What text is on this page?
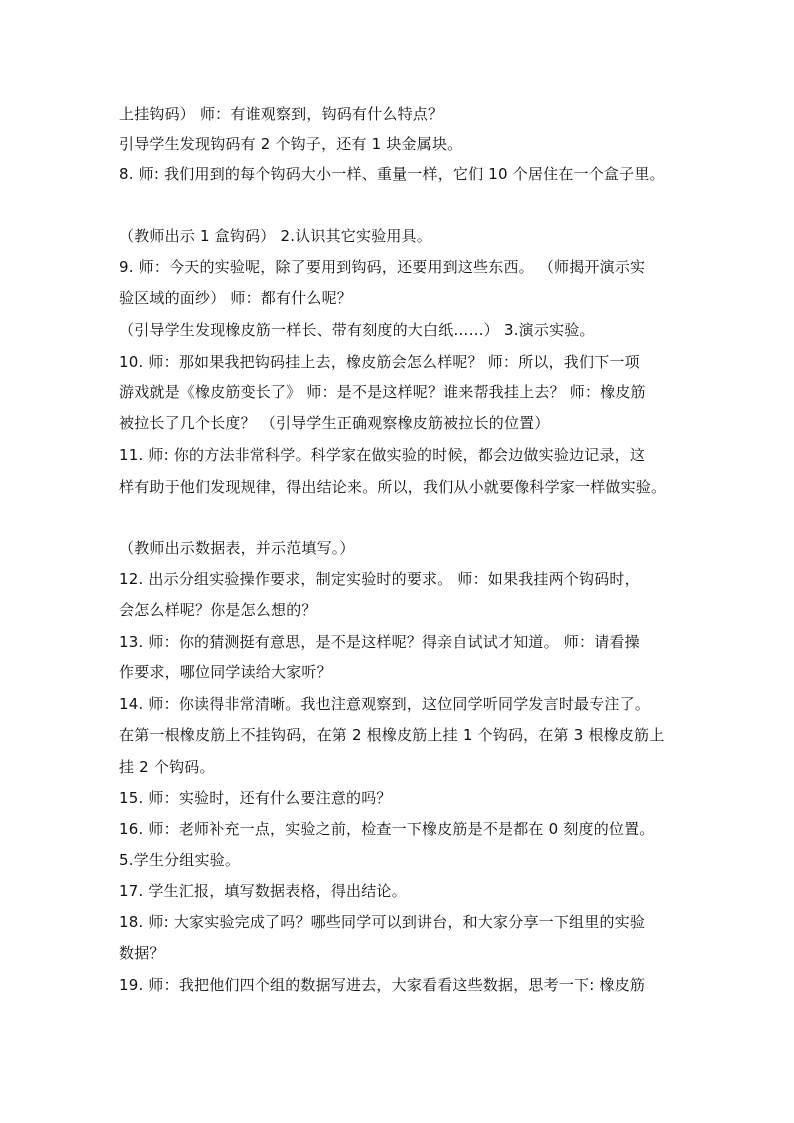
上挂钩码） 师：有谁观察到，钩码有什么特点？
引导学生发现钩码有 2 个钩子，还有 1 块金属块。
8. 师: 我们用到的每个钩码大小一样、重量一样，它们 10 个居住在一个盒子里。
（教师出示 1 盒钩码） 2.认识其它实验用具。
9. 师：今天的实验呢，除了要用到钩码，还要用到这些东西。 （师揭开演示实
验区域的面纱） 师：都有什么呢？
（引导学生发现橡皮筋一样长、带有刻度的大白纸……） 3.演示实验。
10. 师：那如果我把钩码挂上去，橡皮筋会怎么样呢？ 师：所以，我们下一项
游戏就是《橡皮筋变长了》 师：是不是这样呢？谁来帮我挂上去？ 师：橡皮筋
被拉长了几个长度？ （引导学生正确观察橡皮筋被拉长的位置）
11. 师: 你的方法非常科学。科学家在做实验的时候，都会边做实验边记录，这
样有助于他们发现规律，得出结论来。所以，我们从小就要像科学家一样做实验。
（教师出示数据表，并示范填写。）
12. 出示分组实验操作要求，制定实验时的要求。 师：如果我挂两个钩码时，
会怎么样呢？你是怎么想的？
13. 师：你的猜测挺有意思，是不是这样呢？得亲自试试才知道。 师：请看操
作要求，哪位同学读给大家听？
14. 师：你读得非常清晰。我也注意观察到，这位同学听同学发言时最专注了。
在第一根橡皮筋上不挂钩码，在第 2 根橡皮筋上挂 1 个钩码，在第 3 根橡皮筋上
挂 2 个钩码。
15. 师：实验时，还有什么要注意的吗？
16. 师：老师补充一点，实验之前，检查一下橡皮筋是不是都在 0 刻度的位置。
5.学生分组实验。
17. 学生汇报，填写数据表格，得出结论。
18. 师: 大家实验完成了吗？哪些同学可以到讲台，和大家分享一下组里的实验
数据？
19. 师：我把他们四个组的数据写进去，大家看看这些数据，思考一下: 橡皮筋
